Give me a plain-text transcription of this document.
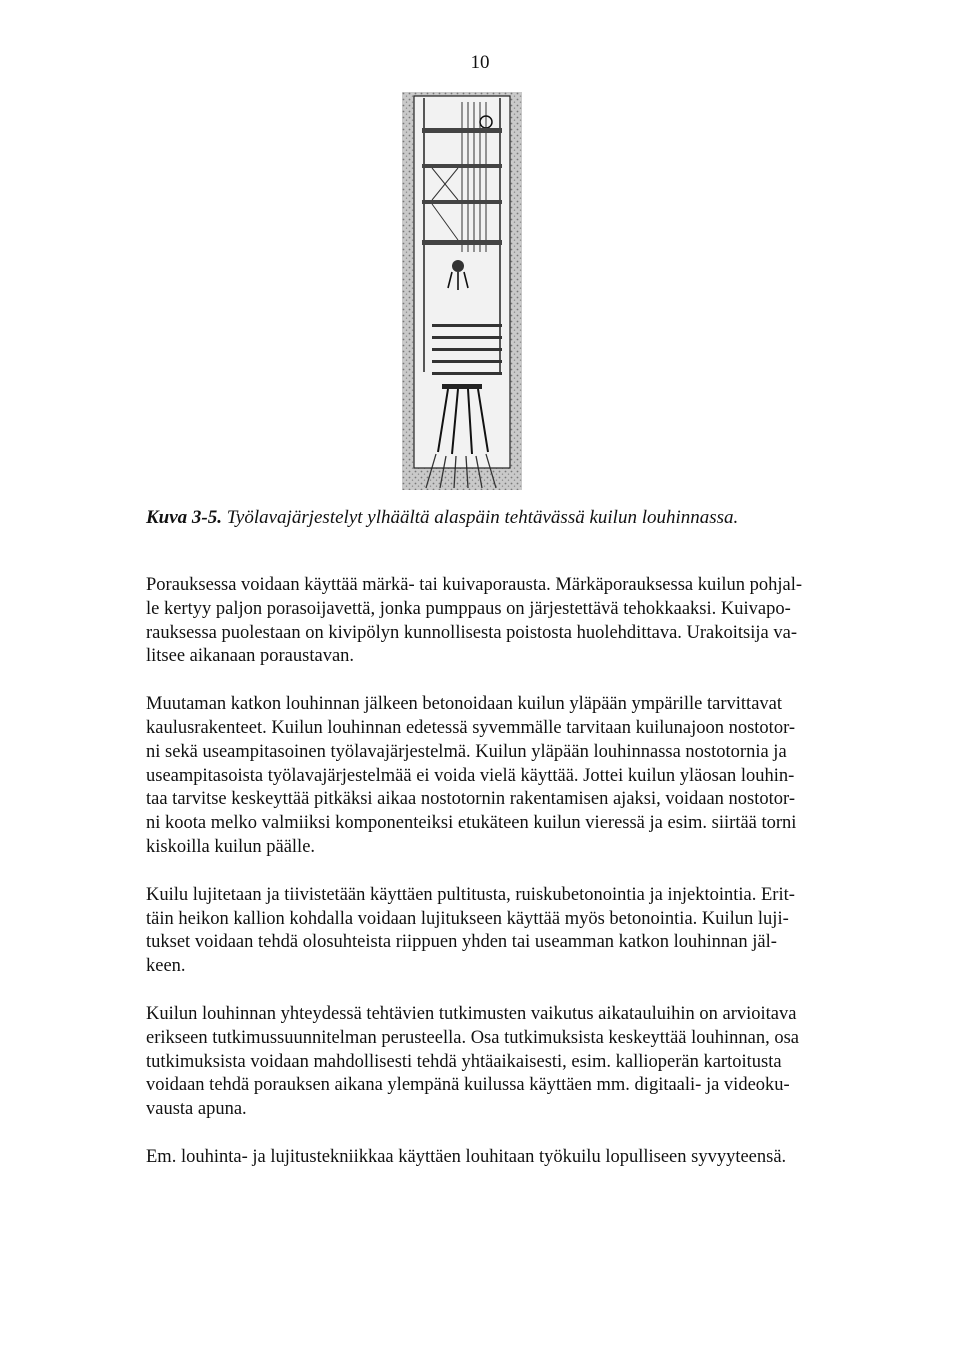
10
Kuva 3-5. Työlavajärjestelyt ylhäältä alaspäin tehtävässä kuilun louhinnassa.
Porauksessa voidaan käyttää märkä- tai kuivaporausta. Märkäporauksessa kuilun pohjal-
le kertyy paljon porasoijavettä, jonka pumppaus on järjestettävä tehokkaaksi. Kuivapo-
rauksessa puolestaan on kivipölyn kunnollisesta poistosta huolehdittava. Urakoitsija va-
litsee aikanaan poraustavan.
Muutaman katkon louhinnan jälkeen betonoidaan kuilun yläpään ympärille tarvittavat
kaulusrakenteet. Kuilun louhinnan edetessä syvemmälle tarvitaan kuilunajoon nostotor-
ni sekä useampitasoinen työlavajärjestelmä. Kuilun yläpään louhinnassa nostotornia ja
useampitasoista työlavajärjestelmää ei voida vielä käyttää. Jottei kuilun yläosan louhin-
taa tarvitse keskeyttää pitkäksi aikaa nostotornin rakentamisen ajaksi, voidaan nostotor-
ni koota melko valmiiksi komponenteiksi etukäteen kuilun vieressä ja esim. siirtää torni
kiskoilla kuilun päälle.
Kuilu lujitetaan ja tiivistetään käyttäen pultitusta, ruiskubetonointia ja injektointia. Erit-
täin heikon kallion kohdalla voidaan lujitukseen käyttää myös betonointia. Kuilun luji-
tukset voidaan tehdä olosuhteista riippuen yhden tai useamman katkon louhinnan jäl-
keen.
Kuilun louhinnan yhteydessä tehtävien tutkimusten vaikutus aikatauluihin on arvioitava
erikseen tutkimussuunnitelman perusteella. Osa tutkimuksista keskeyttää louhinnan, osa
tutkimuksista voidaan mahdollisesti tehdä yhtäaikaisesti, esim. kallioperän kartoitusta
voidaan tehdä porauksen aikana ylempänä kuilussa käyttäen mm. digitaali- ja videoku-
vausta apuna.
Em. louhinta- ja lujitustekniikkaa käyttäen louhitaan työkuilu lopulliseen syvyyteensä.
